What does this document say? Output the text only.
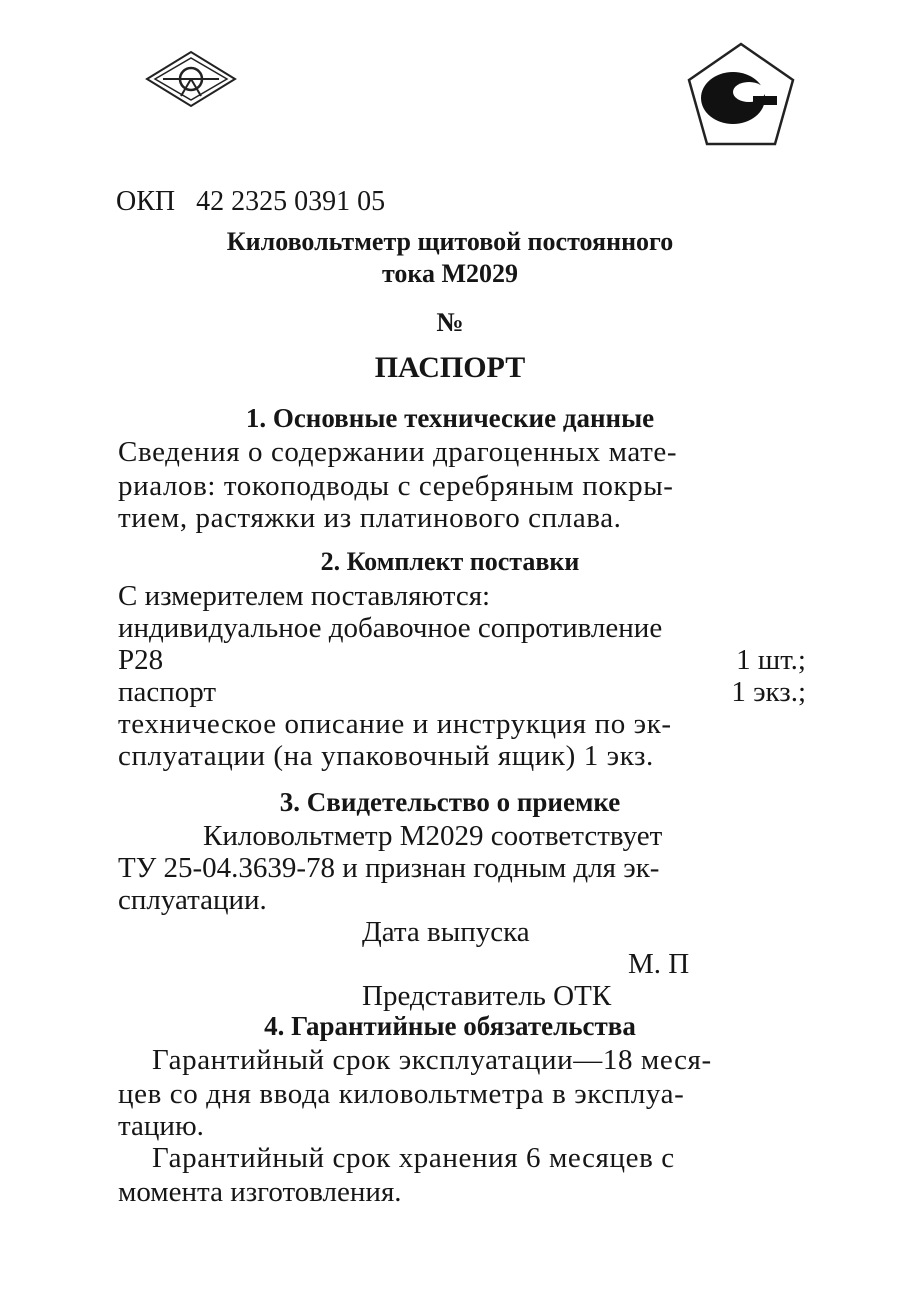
ОКП 42 2325 0391 05
Киловольтметр щитовой постоянного
тока М2029
№
ПАСПОРТ
1. Основные технические данные
Сведения о содержании драгоценных мате-
риалов: токоподводы с серебряным покры-
тием, растяжки из платинового сплава.
2. Комплект поставки
С измерителем поставляются:
индивидуальное добавочное сопротивление
Р28	1 шт.;
паспорт	1 экз.;
техническое описание и инструкция по эк-
сплуатации (на упаковочный ящик) 1 экз.
3. Свидетельство о приемке
Киловольтметр М2029 соответствует
ТУ 25-04.3639-78 и признан годным для эк-
сплуатации.
Дата выпуска
М. П
Представитель ОТК
4. Гарантийные обязательства
Гарантийный срок эксплуатации—18 меся-
цев со дня ввода киловольтметра в эксплуа-
тацию.
Гарантийный срок хранения 6 месяцев с
момента изготовления.
